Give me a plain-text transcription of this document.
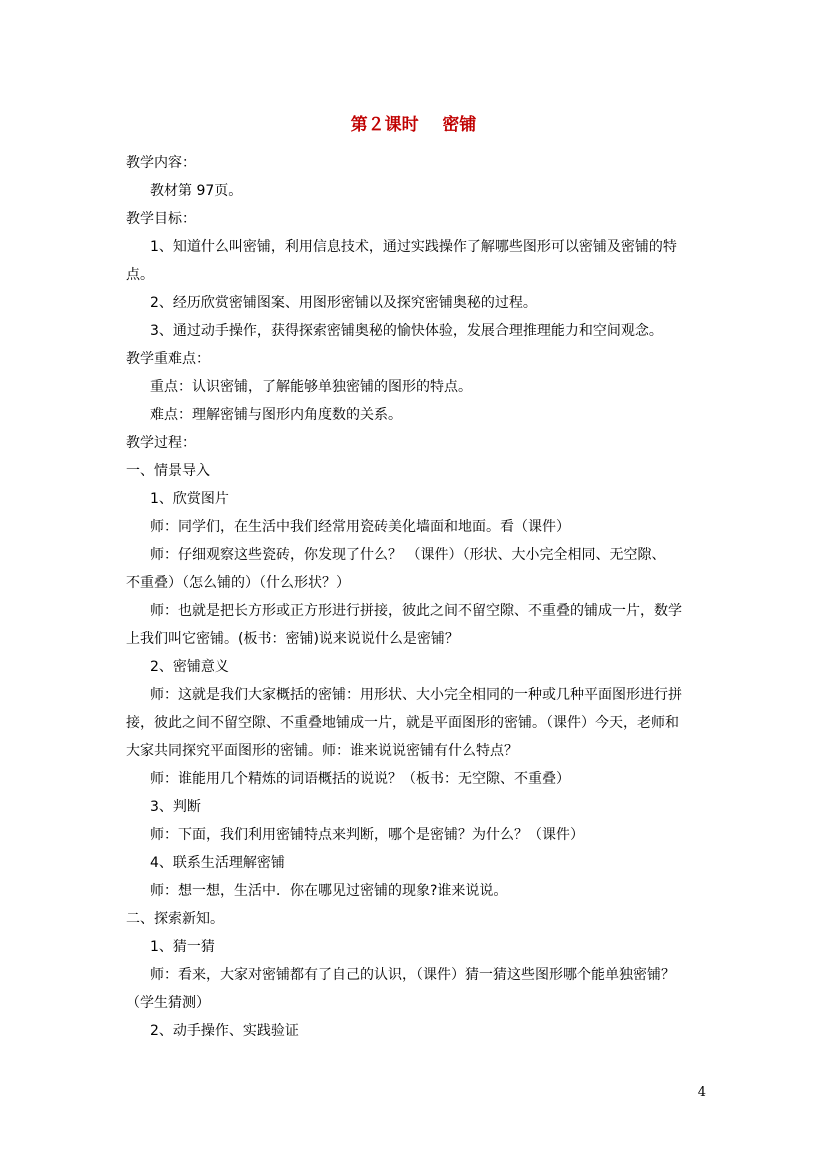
第２课时    密铺

教学内容：

教材第 97页。

教学目标：

1、知道什么叫密铺，利用信息技术，通过实践操作了解哪些图形可以密铺及密铺的特

点。

2、经历欣赏密铺图案、用图形密铺以及探究密铺奥秘的过程。

3、通过动手操作，获得探索密铺奥秘的愉快体验，发展合理推理能力和空间观念。

教学重难点：

重点：认识密铺，了解能够单独密铺的图形的特点。

难点：理解密铺与图形内角度数的关系。

教学过程：

一、情景导入

1、欣赏图片

师：同学们，在生活中我们经常用瓷砖美化墙面和地面。看（课件）

师：仔细观察这些瓷砖，你发现了什么？ （课件）（形状、大小完全相同、无空隙、

不重叠）（怎么铺的）（什么形状？）

师：也就是把长方形或正方形进行拼接，彼此之间不留空隙、不重叠的铺成一片，数学

上我们叫它密铺。(板书：密铺)说来说说什么是密铺？

2、密铺意义

师：这就是我们大家概括的密铺：用形状、大小完全相同的一种或几种平面图形进行拼

接，彼此之间不留空隙、不重叠地铺成一片，就是平面图形的密铺。（课件）今天，老师和

大家共同探究平面图形的密铺。师：谁来说说密铺有什么特点？

师：谁能用几个精炼的词语概括的说说？（板书：无空隙、不重叠）

3、判断

师：下面，我们利用密铺特点来判断，哪个是密铺？为什么？（课件）

4、联系生活理解密铺

师：想一想，生活中．你在哪见过密铺的现象?谁来说说。

二、探索新知。

1、猜一猜

师：看来，大家对密铺都有了自己的认识，（课件）猜一猜这些图形哪个能单独密铺？

（学生猜测）

2、动手操作、实践验证

4
